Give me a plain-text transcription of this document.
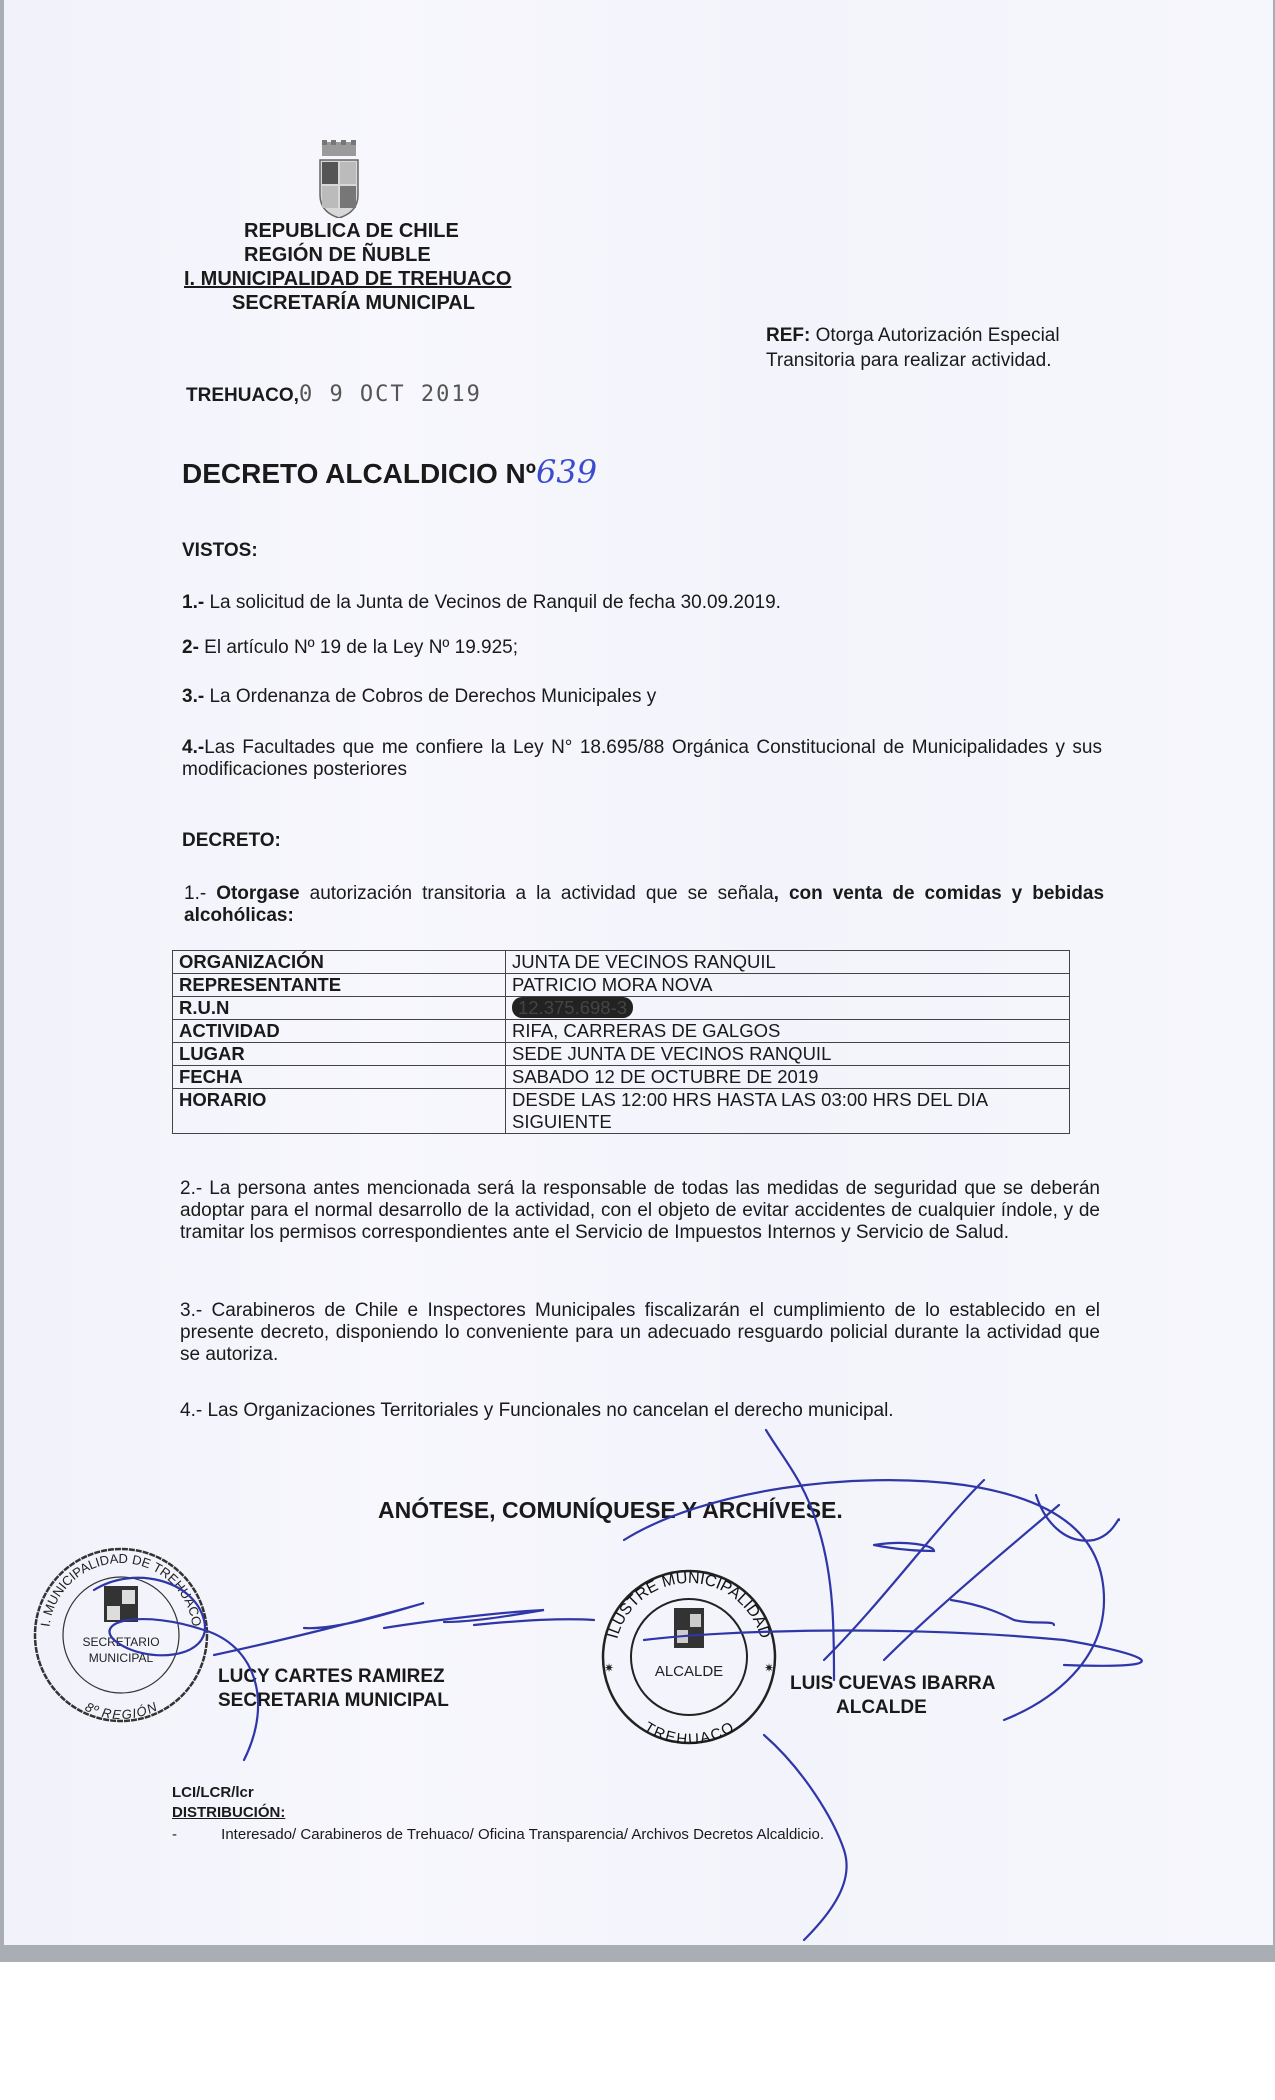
REPUBLICA DE CHILE
REGIÓN DE ÑUBLE
I. MUNICIPALIDAD DE TREHUACO
SECRETARÍA MUNICIPAL
REF: Otorga Autorización Especial Transitoria para realizar actividad.
TREHUACO,0 9 OCT 2019
DECRETO ALCALDICIO Nº639
VISTOS:
1.- La solicitud de la Junta de Vecinos de Ranquil de fecha 30.09.2019.
2- El artículo Nº 19 de la Ley Nº 19.925;
3.- La Ordenanza de Cobros de Derechos Municipales y
4.-Las Facultades que me confiere la Ley N° 18.695/88 Orgánica Constitucional de Municipalidades y sus modificaciones posteriores
DECRETO:
1.- Otorgase autorización transitoria a la actividad que se señala, con venta de comidas y bebidas alcohólicas:
ORGANIZACIÓN	JUNTA DE VECINOS RANQUIL
REPRESENTANTE	PATRICIO MORA NOVA
R.U.N	12.375.698-3
ACTIVIDAD	RIFA, CARRERAS DE GALGOS
LUGAR	SEDE JUNTA DE VECINOS RANQUIL
FECHA	SABADO 12 DE OCTUBRE DE 2019
HORARIO	DESDE LAS 12:00 HRS HASTA LAS 03:00 HRS DEL DIA SIGUIENTE
2.- La persona antes mencionada será la responsable de todas las medidas de seguridad que se deberán adoptar para el normal desarrollo de la actividad, con el objeto de evitar accidentes de cualquier índole, y de tramitar los permisos correspondientes ante el Servicio de Impuestos Internos y Servicio de Salud.
3.- Carabineros de Chile e Inspectores Municipales fiscalizarán el cumplimiento de lo establecido en el presente decreto, disponiendo lo conveniente para un adecuado resguardo policial durante la actividad que se autoriza.
4.- Las Organizaciones Territoriales y Funcionales no cancelan el derecho municipal.
ANÓTESE, COMUNÍQUESE Y ARCHÍVESE.
I. MUNICIPALIDAD DE TREHUACO
8º REGIÓN
SECRETARIO
MUNICIPAL
ILUSTRE MUNICIPALIDAD
TREHUACO
ALCALDE
✷	✷
LUCY CARTES RAMIREZ
SECRETARIA MUNICIPAL
LUIS CUEVAS IBARRA
ALCALDE
LCI/LCR/lcr
DISTRIBUCIÓN:
-	Interesado/ Carabineros de Trehuaco/ Oficina Transparencia/ Archivos Decretos Alcaldicio.
